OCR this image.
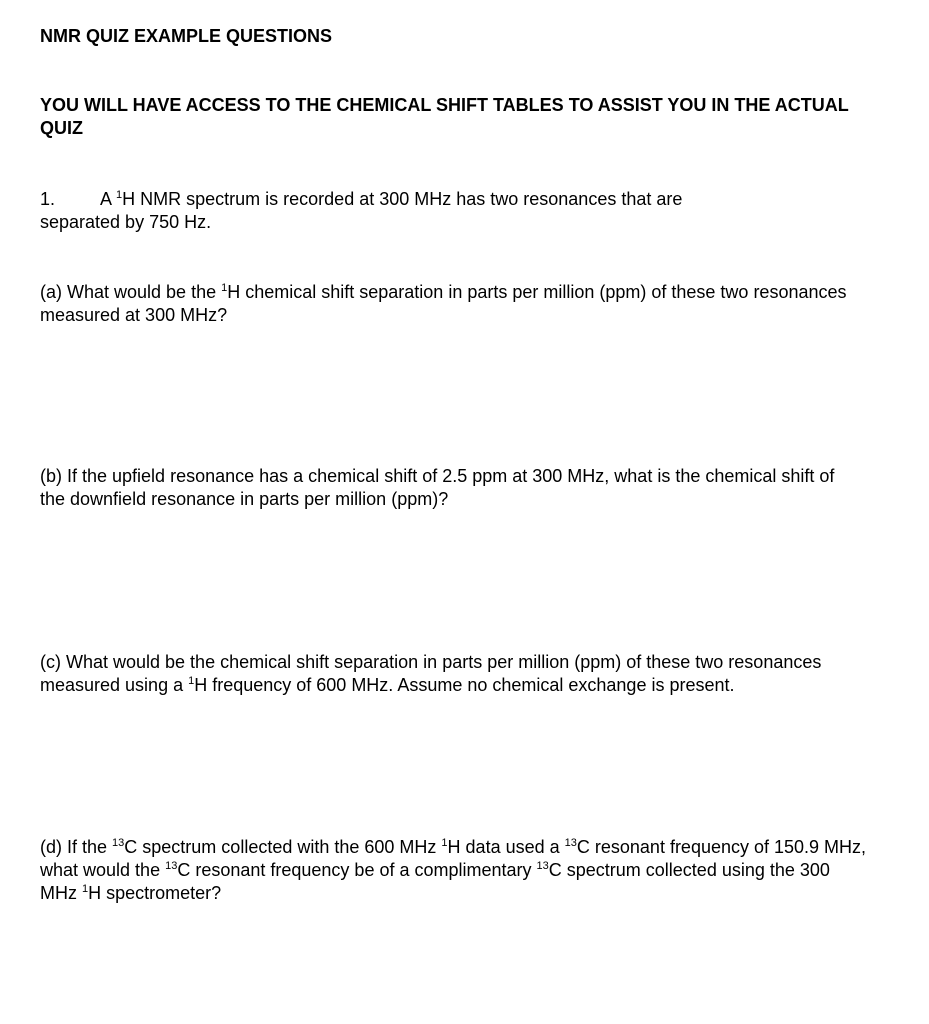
NMR QUIZ EXAMPLE QUESTIONS

YOU WILL HAVE ACCESS TO THE CHEMICAL SHIFT TABLES TO ASSIST YOU IN THE ACTUAL QUIZ

1. A $^1$H NMR spectrum is recorded at 300 MHz has two resonances that are
separated by 750 Hz.

(a) What would be the $^1$H chemical shift separation in parts per million (ppm) of these two resonances measured at 300 MHz?

(b) If the upfield resonance has a chemical shift of 2.5 ppm at 300 MHz, what is the chemical shift of the downfield resonance in parts per million (ppm)?

(c) What would be the chemical shift separation in parts per million (ppm) of these two resonances measured using a $^1$H frequency of 600 MHz. Assume no chemical exchange is present.

(d) If the $^{13}$C spectrum collected with the 600 MHz $^1$H data used a $^{13}$C resonant frequency of 150.9 MHz, what would the $^{13}$C resonant frequency be of a complimentary $^{13}$C spectrum collected using the 300 MHz $^1$H spectrometer?
